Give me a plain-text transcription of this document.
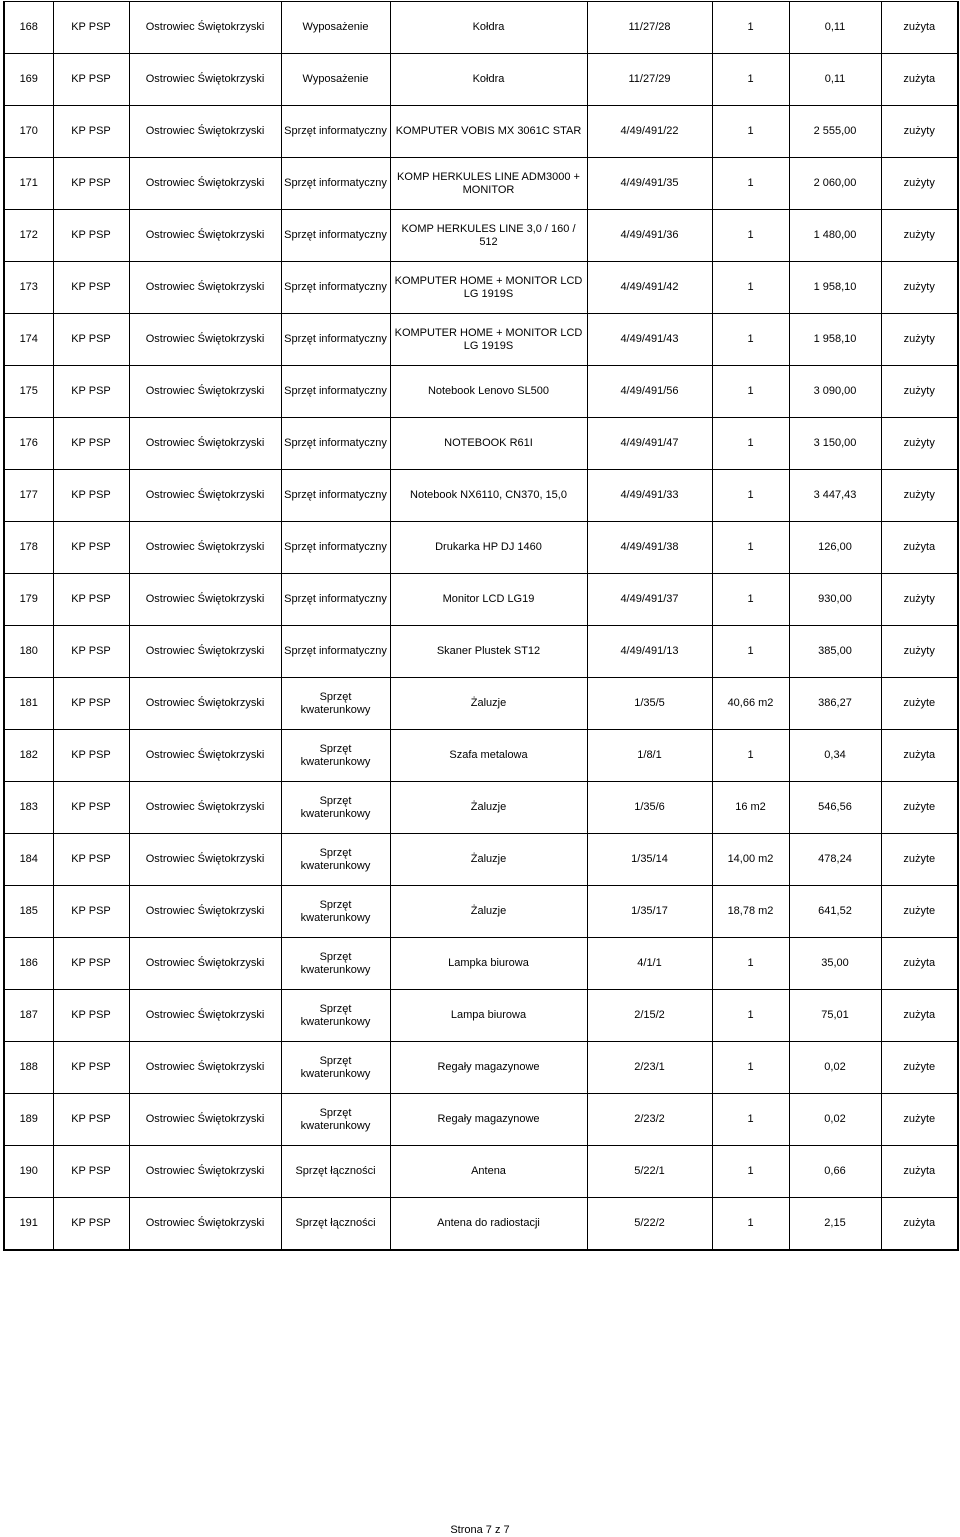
168	KP PSP	Ostrowiec Świętokrzyski	Wyposażenie	Kołdra	11/27/28	1	0,11	zużyta
169	KP PSP	Ostrowiec Świętokrzyski	Wyposażenie	Kołdra	11/27/29	1	0,11	zużyta
170	KP PSP	Ostrowiec Świętokrzyski	Sprzęt informatyczny	KOMPUTER VOBIS MX 3061C STAR	4/49/491/22	1	2 555,00	zużyty
171	KP PSP	Ostrowiec Świętokrzyski	Sprzęt informatyczny	KOMP HERKULES LINE ADM3000 + MONITOR	4/49/491/35	1	2 060,00	zużyty
172	KP PSP	Ostrowiec Świętokrzyski	Sprzęt informatyczny	KOMP HERKULES LINE 3,0 / 160 / 512	4/49/491/36	1	1 480,00	zużyty
173	KP PSP	Ostrowiec Świętokrzyski	Sprzęt informatyczny	KOMPUTER HOME + MONITOR LCD LG 1919S	4/49/491/42	1	1 958,10	zużyty
174	KP PSP	Ostrowiec Świętokrzyski	Sprzęt informatyczny	KOMPUTER HOME + MONITOR LCD LG 1919S	4/49/491/43	1	1 958,10	zużyty
175	KP PSP	Ostrowiec Świętokrzyski	Sprzęt informatyczny	Notebook Lenovo SL500	4/49/491/56	1	3 090,00	zużyty
176	KP PSP	Ostrowiec Świętokrzyski	Sprzęt informatyczny	NOTEBOOK R61I	4/49/491/47	1	3 150,00	zużyty
177	KP PSP	Ostrowiec Świętokrzyski	Sprzęt informatyczny	Notebook NX6110, CN370, 15,0	4/49/491/33	1	3 447,43	zużyty
178	KP PSP	Ostrowiec Świętokrzyski	Sprzęt informatyczny	Drukarka HP DJ 1460	4/49/491/38	1	126,00	zużyta
179	KP PSP	Ostrowiec Świętokrzyski	Sprzęt informatyczny	Monitor LCD LG19	4/49/491/37	1	930,00	zużyty
180	KP PSP	Ostrowiec Świętokrzyski	Sprzęt informatyczny	Skaner Plustek ST12	4/49/491/13	1	385,00	zużyty
181	KP PSP	Ostrowiec Świętokrzyski	Sprzęt kwaterunkowy	Żaluzje	1/35/5	40,66 m2	386,27	zużyte
182	KP PSP	Ostrowiec Świętokrzyski	Sprzęt kwaterunkowy	Szafa metalowa	1/8/1	1	0,34	zużyta
183	KP PSP	Ostrowiec Świętokrzyski	Sprzęt kwaterunkowy	Żaluzje	1/35/6	16 m2	546,56	zużyte
184	KP PSP	Ostrowiec Świętokrzyski	Sprzęt kwaterunkowy	Żaluzje	1/35/14	14,00 m2	478,24	zużyte
185	KP PSP	Ostrowiec Świętokrzyski	Sprzęt kwaterunkowy	Żaluzje	1/35/17	18,78 m2	641,52	zużyte
186	KP PSP	Ostrowiec Świętokrzyski	Sprzęt kwaterunkowy	Lampka biurowa	4/1/1	1	35,00	zużyta
187	KP PSP	Ostrowiec Świętokrzyski	Sprzęt kwaterunkowy	Lampa biurowa	2/15/2	1	75,01	zużyta
188	KP PSP	Ostrowiec Świętokrzyski	Sprzęt kwaterunkowy	Regały magazynowe	2/23/1	1	0,02	zużyte
189	KP PSP	Ostrowiec Świętokrzyski	Sprzęt kwaterunkowy	Regały magazynowe	2/23/2	1	0,02	zużyte
190	KP PSP	Ostrowiec Świętokrzyski	Sprzęt łączności	Antena	5/22/1	1	0,66	zużyta
191	KP PSP	Ostrowiec Świętokrzyski	Sprzęt łączności	Antena do radiostacji	5/22/2	1	2,15	zużyta
Strona 7 z 7
